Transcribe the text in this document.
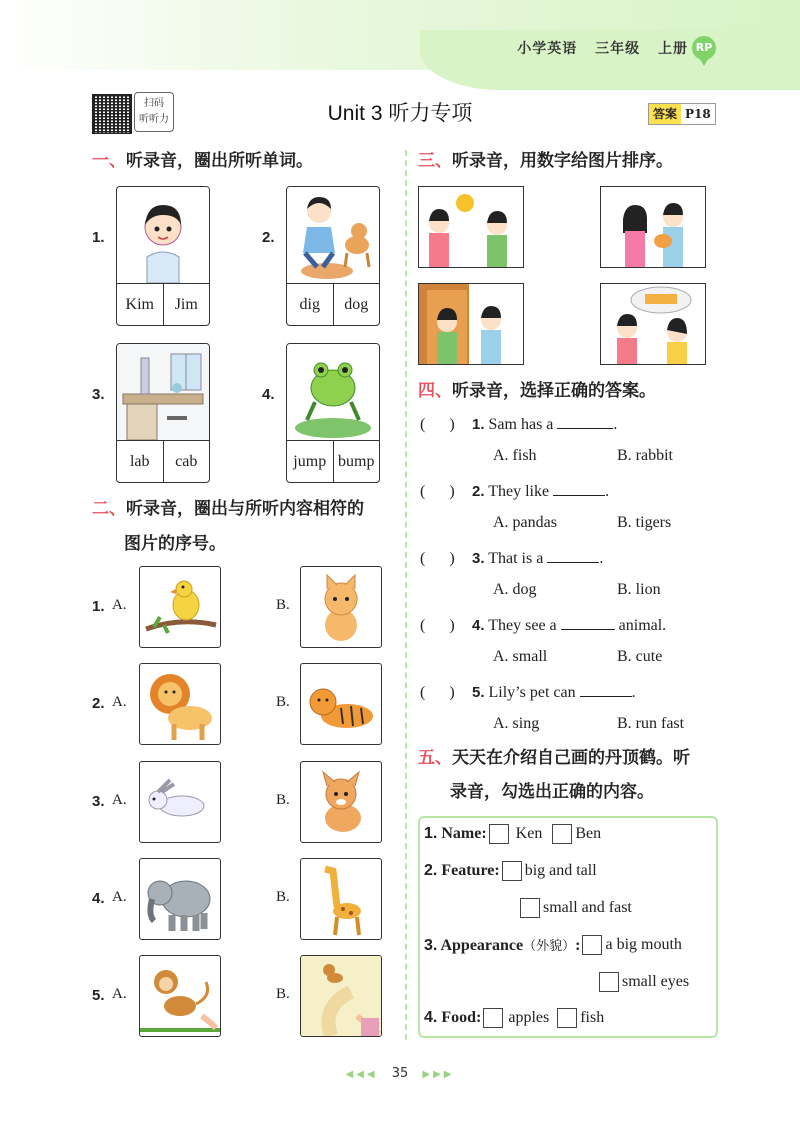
小学英语 三年级 上册 RP
扫码
听听力	Unit 3 听力专项	答案 P18
一、听录音，圈出所听单词。
1.
Kim	Jim
2.
dig	dog
3.
lab	cab
4.
jump bump
二、听录音，圈出与所听内容相符的
图片的序号。
1. A.	B.
2. A.	B.
3. A.	B.
4. A.	B.
5. A.	B.
三、听录音，用数字给图片排序。
四、听录音，选择正确的答案。
(      ) 1. Sam has a	.
A. fish	B. rabbit
(      ) 2. They like	.
A. pandas	B. tigers
(      ) 3. That is a	.
A. dog	B. lion
(      ) 4. They see a	animal.
A. small	B. cute
(      ) 5. Lily’s pet can	.
A. sing	B. run fast
五、天天在介绍自己画的丹顶鹤。听
录音，勾选出正确的内容。
1. Name: Ken Ben
2. Feature: big and tall
small and fast
3. Appearance（外貌）: a big mouth
small eyes
4. Food: apples fish
◀◀◀ 35 ▶▶▶
